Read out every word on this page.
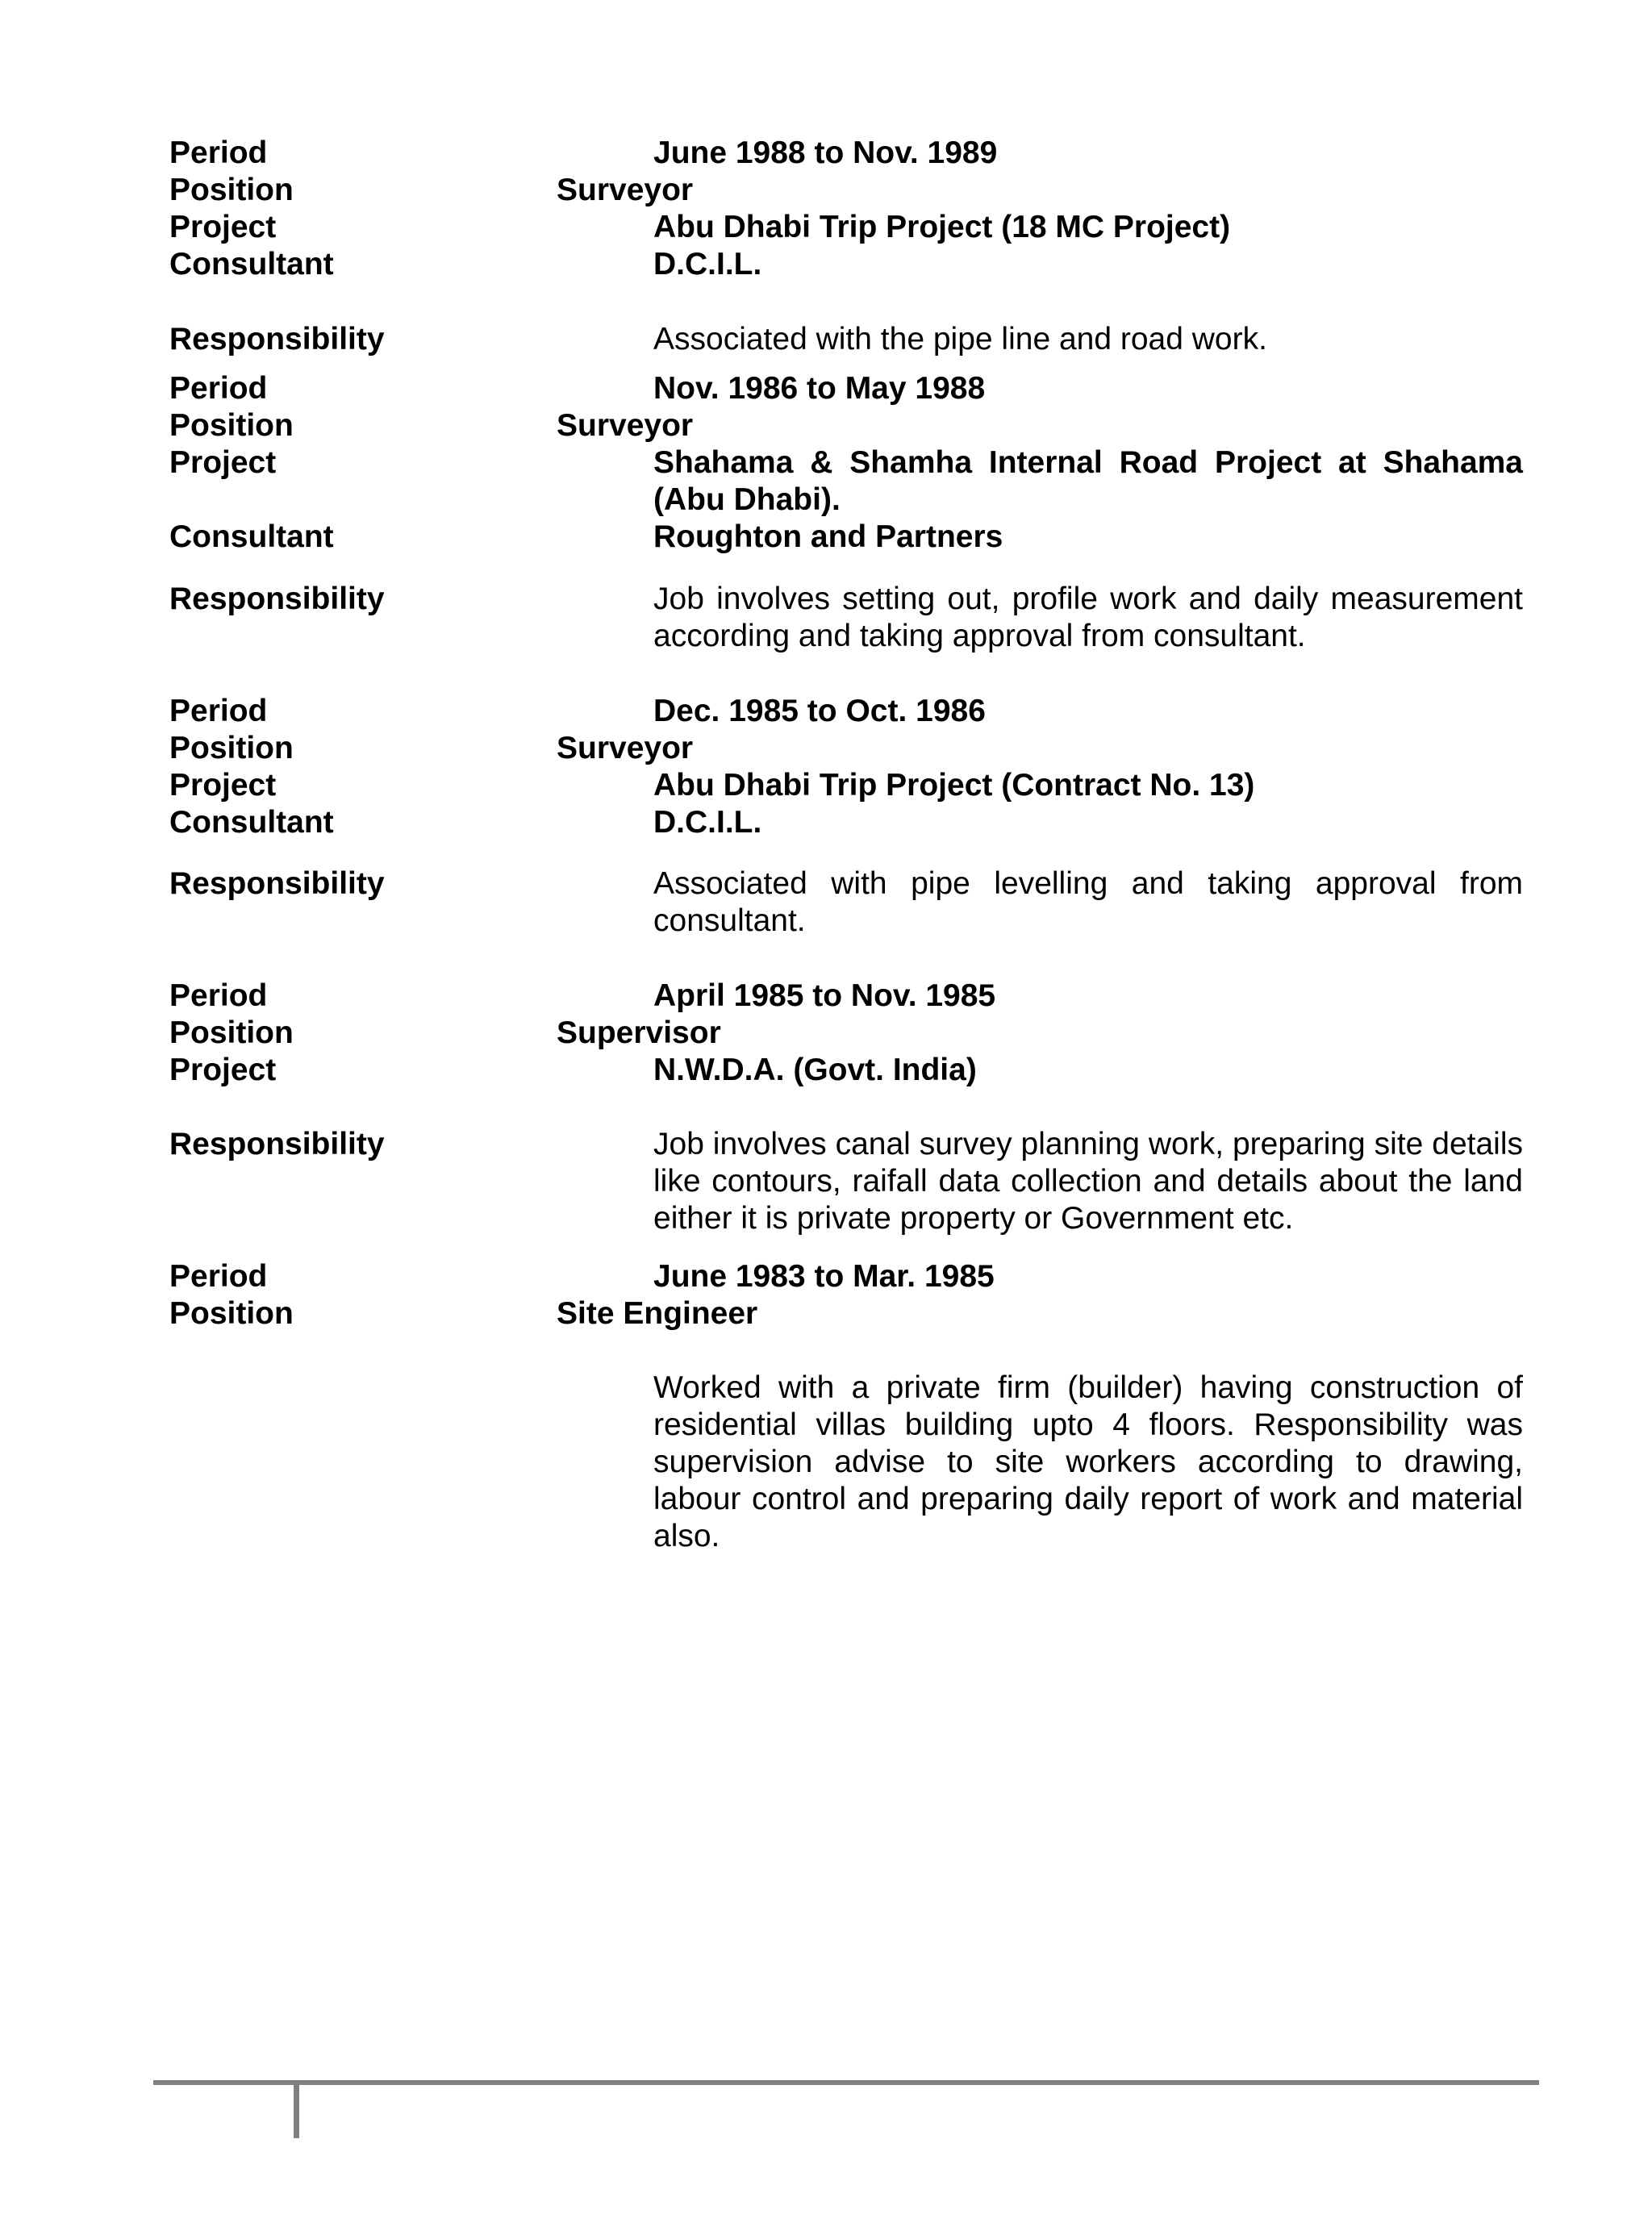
Period	June 1988 to Nov. 1989
Position	Surveyor
Project	Abu Dhabi Trip Project (18 MC Project)
Consultant	D.C.I.L.
Responsibility	Associated with the pipe line and road work.
Period	Nov. 1986 to May 1988
Position	Surveyor
Project	Shahama & Shamha Internal Road Project at Shahama (Abu Dhabi).
Consultant	Roughton and Partners
Responsibility	Job involves setting out, profile work and daily measurement according and taking approval from consultant.
Period	Dec. 1985 to Oct. 1986
Position	Surveyor
Project	Abu Dhabi Trip Project (Contract No. 13)
Consultant	D.C.I.L.
Responsibility	Associated with pipe levelling and taking approval from consultant.
Period	April 1985 to Nov. 1985
Position	Supervisor
Project	N.W.D.A. (Govt. India)
Responsibility	Job involves canal survey planning work, preparing site details like contours, raifall data collection and details about the land either it is private property or Government etc.
Period	June 1983 to Mar. 1985
Position	Site Engineer
Worked with a private firm (builder) having construction of residential villas building upto 4 floors. Responsibility was supervision advise to site workers according to drawing, labour control and preparing daily report of work and material also.
